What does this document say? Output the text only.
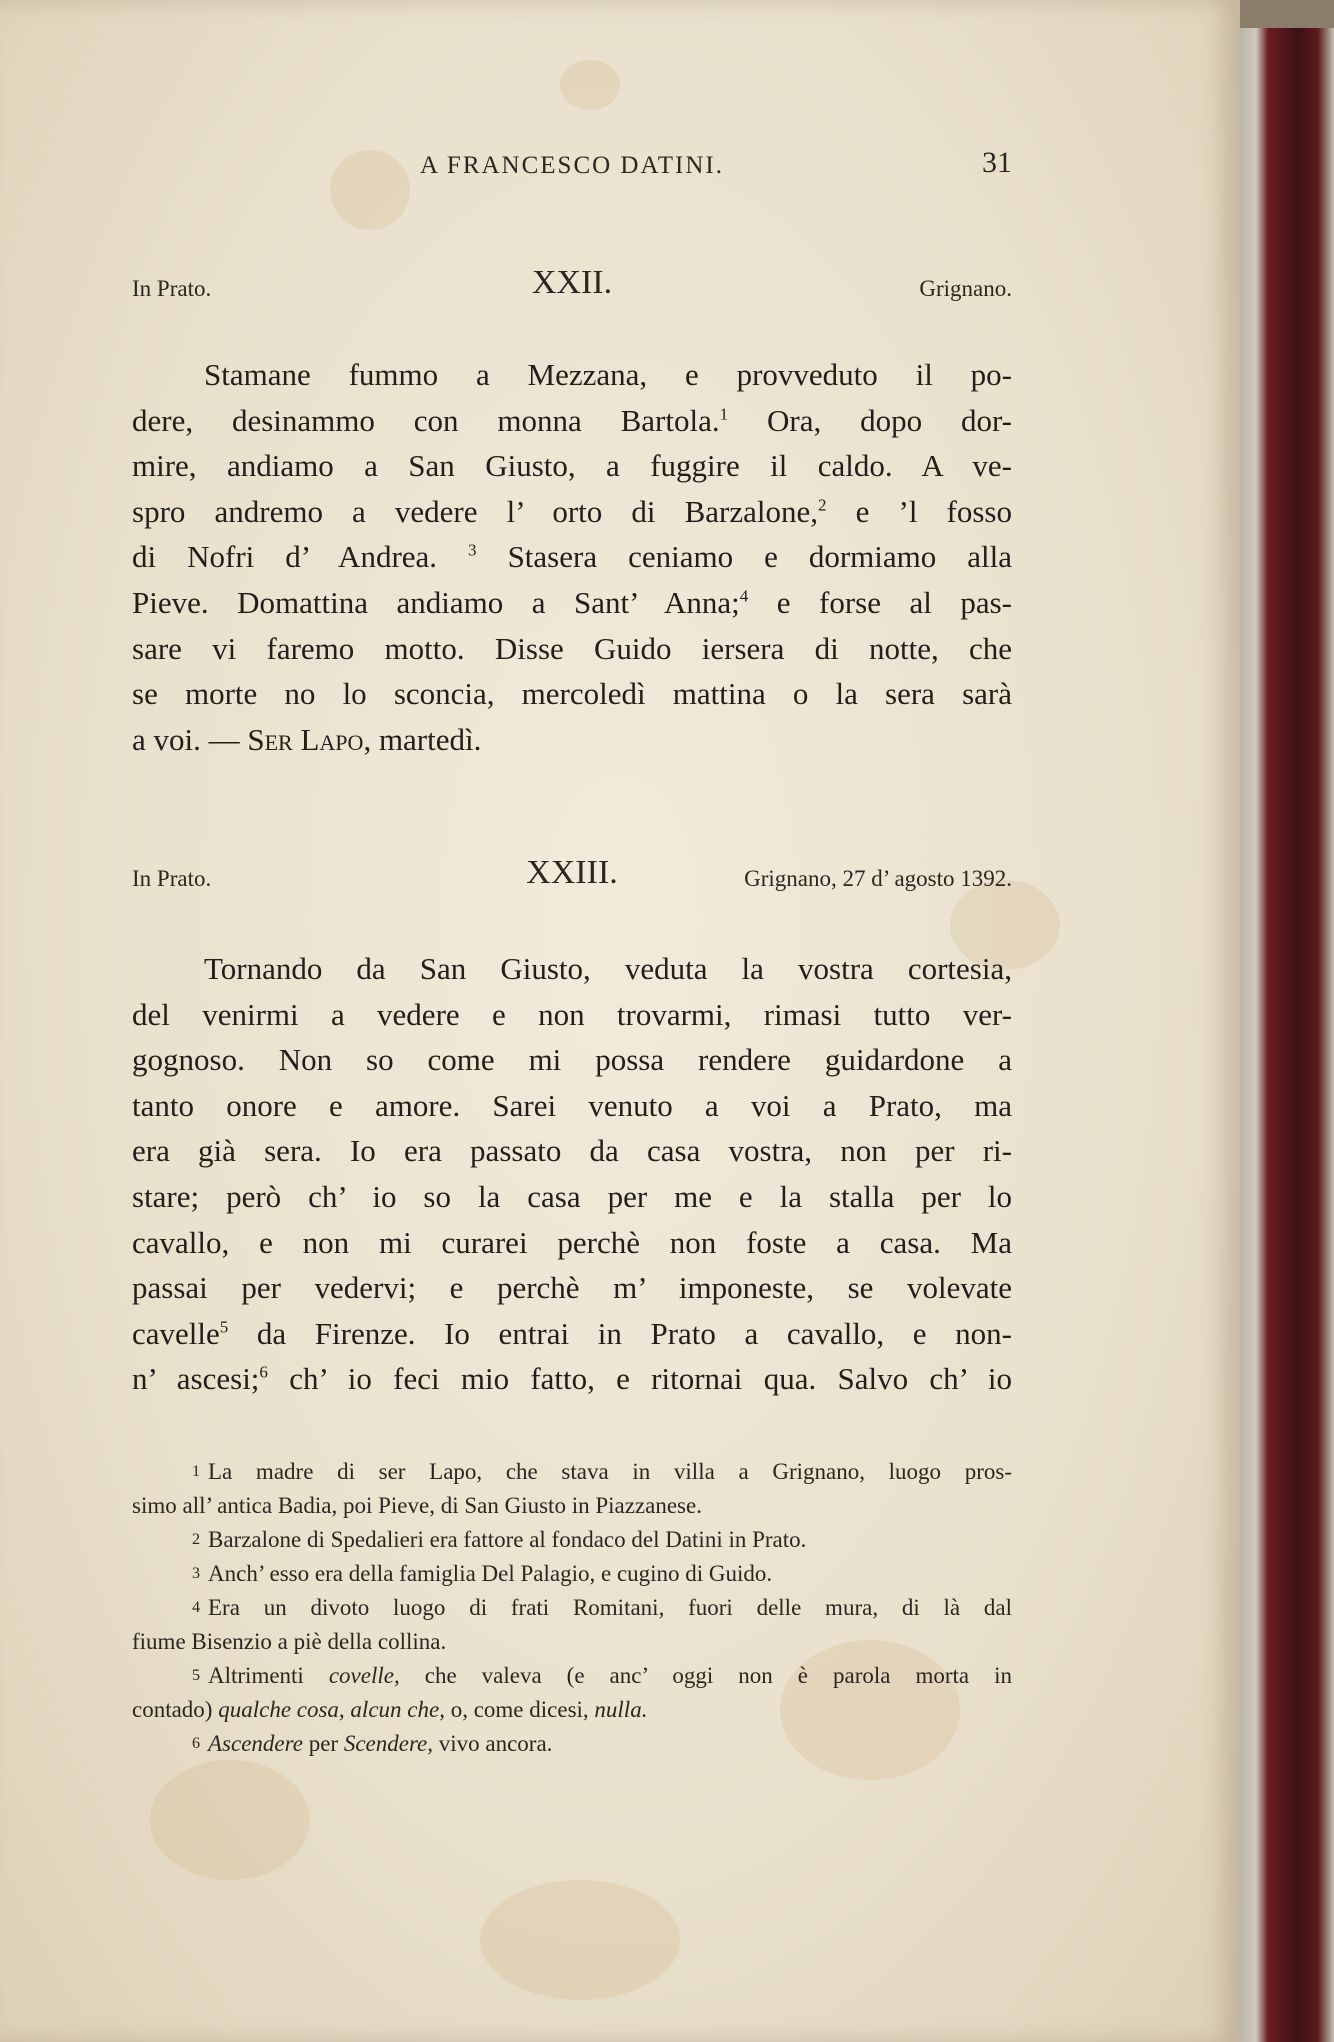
A FRANCESCO DATINI.	31
In Prato.	XXII.	Grignano.
Stamane fummo a Mezzana, e provveduto il po-
dere, desinammo con monna Bartola.$^1$ Ora, dopo dor-
mire, andiamo a San Giusto, a fuggire il caldo. A ve-
spro andremo a vedere l’ orto di Barzalone,$^2$ e ’l fosso
di Nofri d’ Andrea. $^3$ Stasera ceniamo e dormiamo alla
Pieve. Domattina andiamo a Sant’ Anna;$^4$ e forse al pas-
sare vi faremo motto. Disse Guido iersera di notte, che
se morte no lo sconcia, mercoledì mattina o la sera sarà
a voi. — Ser Lapo, martedì.
In Prato.	XXIII.	Grignano, 27 d’ agosto 1392.
Tornando da San Giusto, veduta la vostra cortesia,
del venirmi a vedere e non trovarmi, rimasi tutto ver-
gognoso. Non so come mi possa rendere guidardone a
tanto onore e amore. Sarei venuto a voi a Prato, ma
era già sera. Io era passato da casa vostra, non per ri-
stare; però ch’ io so la casa per me e la stalla per lo
cavallo, e non mi curarei perchè non foste a casa. Ma
passai per vedervi; e perchè m’ imponeste, se volevate
cavelle$^5$ da Firenze. Io entrai in Prato a cavallo, e non-
n’ ascesi;$^6$ ch’ io feci mio fatto, e ritornai qua. Salvo ch’ io
1 La madre di ser Lapo, che stava in villa a Grignano, luogo pros-
simo all’ antica Badia, poi Pieve, di San Giusto in Piazzanese.
2 Barzalone di Spedalieri era fattore al fondaco del Datini in Prato.
3 Anch’ esso era della famiglia Del Palagio, e cugino di Guido.
4 Era un divoto luogo di frati Romitani, fuori delle mura, di là dal
fiume Bisenzio a piè della collina.
5 Altrimenti covelle, che valeva (e anc’ oggi non è parola morta in
contado) qualche cosa, alcun che, o, come dicesi, nulla.
6 Ascendere per Scendere, vivo ancora.
